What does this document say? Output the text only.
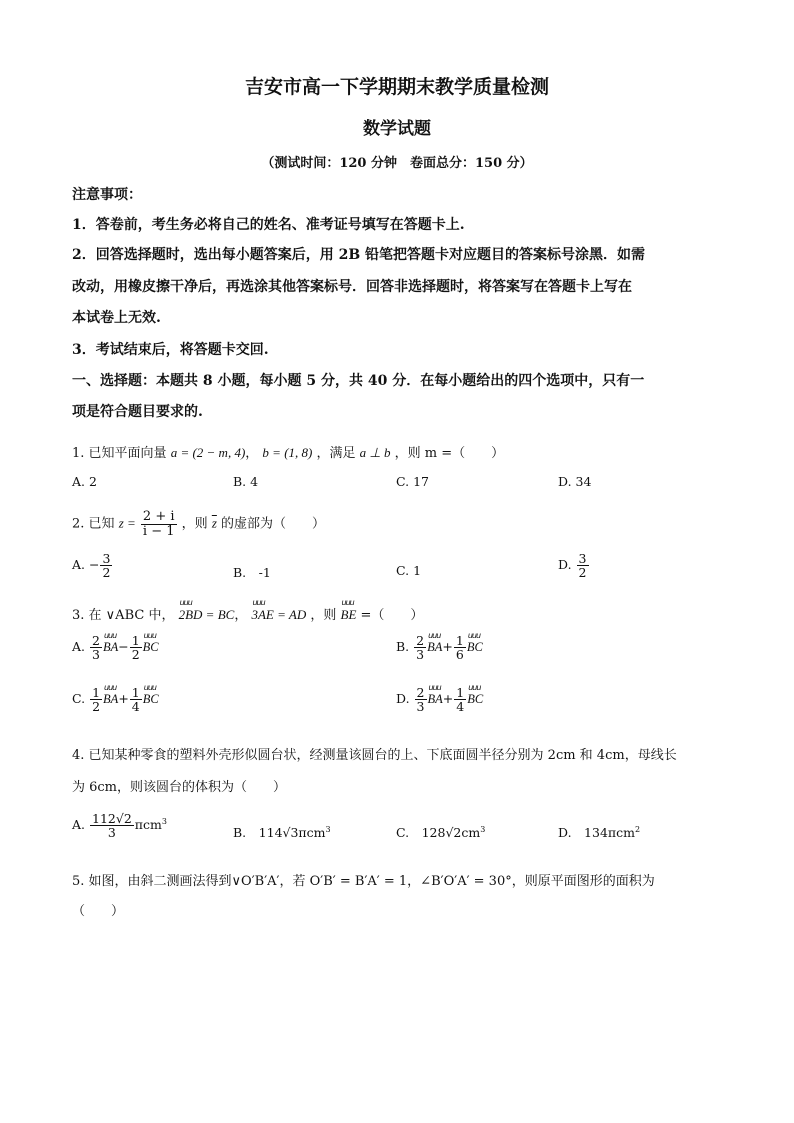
吉安市高一下学期期末教学质量检测
数学试题
（测试时间：120 分钟　卷面总分：150 分）
注意事项：
1．答卷前，考生务必将自己的姓名、准考证号填写在答题卡上.
2．回答选择题时，选出每小题答案后，用 2B 铅笔把答题卡对应题目的答案标号涂黑．如需
改动，用橡皮擦干净后，再选涂其他答案标号．回答非选择题时，将答案写在答题卡上写在
本试卷上无效.
3．考试结束后，将答题卡交回.
一、选择题：本题共 8 小题，每小题 5 分，共 40 分．在每小题给出的四个选项中，只有一
项是符合题目要求的.
1. 已知平面向量 a = (2 − m, 4)， b = (1, 8) ，满足 a ⊥ b ，则 m =（　　）
A. 2	B. 4	C. 17	D. 34
2. 已知 $z = \frac{2 + i}{i - 1}$ ，则 $\overline{z}$ 的虚部为（　　）
A. − $\frac{3}{2}$	B.　-1	C. 1	D. $\frac{3}{2}$
3. 在 ∨ABC 中， uuu 2BD = BC， uuu 3AE = AD ，则 uuu BE =（　　）
A. $\frac{2}{3}$ uuu $BA- \frac{1}{2}$ uuu BC	B. $\frac{2}{3}$ uuu $BA+ \frac{1}{6}$ uuu BC
C. $\frac{1}{2}$ uuu $BA+ \frac{1}{4}$ uuu BC	D. $\frac{2}{3}$ uuu $BA+ \frac{1}{4}$ uuu BC
4. 已知某种零食的塑料外壳形似圆台状，经测量该圆台的上、下底面圆半径分别为 2cm 和 4cm，母线长
为 6cm，则该圆台的体积为（　　）
A. $\frac{112√2}{3} \pi cm^3$
B.　114√3πcm$^3$	C.　$128√2cm^3$	D.　134πcm$^2$
5. 如图，由斜二测画法得到∨O′B′A′，若 O′B′ = B′A′ = 1，∠B′O′A′ = 30°，则原平面图形的面积为
（　　）
